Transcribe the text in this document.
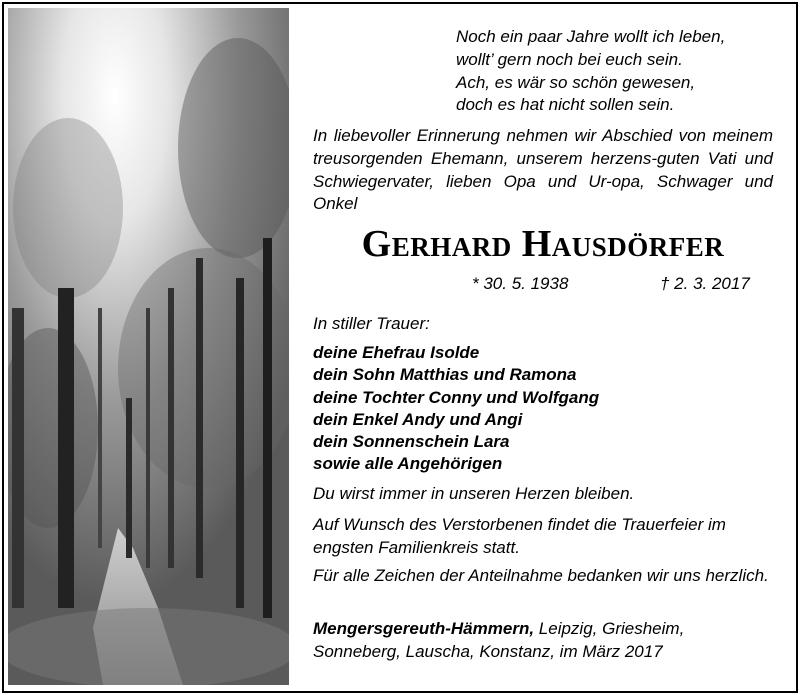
Noch ein paar Jahre wollt ich leben,
wollt’ gern noch bei euch sein.
Ach, es wär so schön gewesen,
doch es hat nicht sollen sein.
In liebevoller Erinnerung nehmen wir Abschied von meinem treusorgenden Ehemann, unserem herzens-guten Vati und Schwiegervater, lieben Opa und Ur-opa, Schwager und Onkel
Gerhard Hausdörfer
* 30. 5. 1938	† 2. 3. 2017
In stiller Trauer:
deine Ehefrau Isolde
dein Sohn Matthias und Ramona
deine Tochter Conny und Wolfgang
dein Enkel Andy und Angi
dein Sonnenschein Lara
sowie alle Angehörigen
Du wirst immer in unseren Herzen bleiben.
Auf Wunsch des Verstorbenen findet die Trauerfeier im engsten Familienkreis statt.
Für alle Zeichen der Anteilnahme bedanken wir uns herzlich.
Mengersgereuth-Hämmern, Leipzig, Griesheim, Sonneberg, Lauscha, Konstanz, im März 2017
